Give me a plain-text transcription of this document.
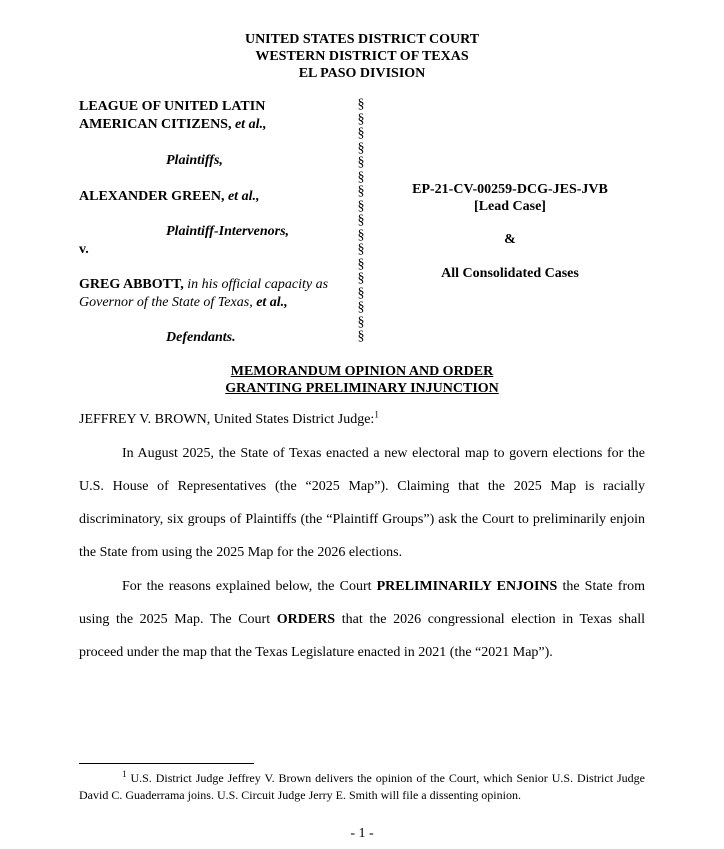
UNITED STATES DISTRICT COURT
WESTERN DISTRICT OF TEXAS
EL PASO DIVISION
LEAGUE OF UNITED LATIN
AMERICAN CITIZENS, et al.,
Plaintiffs,
ALEXANDER GREEN, et al.,
Plaintiff-Intervenors,
v.
GREG ABBOTT, in his official capacity as
Governor of the State of Texas, et al.,
Defendants.
§
§
§
§
§
§
§
§
§
§
§
§
§
§
§
§
§
EP-21-CV-00259-DCG-JES-JVB
[Lead Case]
&
All Consolidated Cases
MEMORANDUM OPINION AND ORDER
GRANTING PRELIMINARY INJUNCTION
JEFFREY V. BROWN, United States District Judge:$^1$

In August 2025, the State of Texas enacted a new electoral map to govern elections for the U.S. House of Representatives (the “2025 Map”). Claiming that the 2025 Map is racially discriminatory, six groups of Plaintiffs (the “Plaintiff Groups”) ask the Court to preliminarily enjoin the State from using the 2025 Map for the 2026 elections.

For the reasons explained below, the Court PRELIMINARILY ENJOINS the State from using the 2025 Map. The Court ORDERS that the 2026 congressional election in Texas shall proceed under the map that the Texas Legislature enacted in 2021 (the “2021 Map”).

$^1$ U.S. District Judge Jeffrey V. Brown delivers the opinion of the Court, which Senior U.S. District Judge David C. Guaderrama joins. U.S. Circuit Judge Jerry E. Smith will file a dissenting opinion.

- 1 -
